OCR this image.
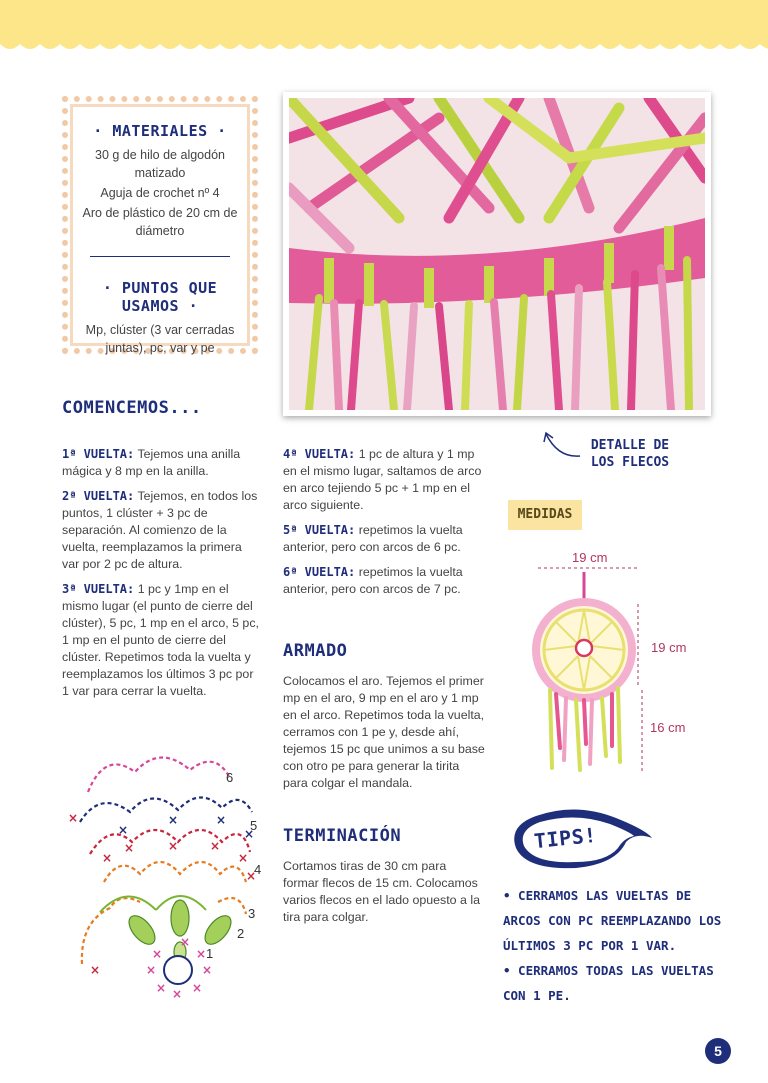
· MATERIALES ·
30 g de hilo de algodón matizado
Aguja de crochet nº 4
Aro de plástico de 20 cm de diámetro
· PUNTOS QUE USAMOS ·
Mp, clúster (3 var cerradas juntas), pc, var y pe
DETALLE DE
LOS FLECOS
COMENCEMOS...

1ª VUELTA: Tejemos una anilla mágica y 8 mp en la anilla.

2ª VUELTA: Tejemos, en todos los puntos, 1 clúster + 3 pc de separación. Al comienzo de la vuelta, reemplazamos la primera var por 2 pc de altura.

3ª VUELTA: 1 pc y 1mp en el mismo lugar (el punto de cierre del clúster), 5 pc, 1 mp en el arco, 5 pc, 1 mp en el punto de cierre del clúster. Repetimos toda la vuelta y reemplazamos los últimos 3 pc por 1 var para cerrar la vuelta.

4ª VUELTA: 1 pc de altura y 1 mp en el mismo lugar, saltamos de arco en arco tejiendo 5 pc + 1 mp en el arco siguiente.

5ª VUELTA: repetimos la vuelta anterior, pero con arcos de 6 pc.

6ª VUELTA: repetimos la vuelta anterior, pero con arcos de 7 pc.

ARMADO
Colocamos el aro. Tejemos el primer mp en el aro, 9 mp en el aro y 1 mp en el arco. Repetimos toda la vuelta, cerramos con 1 pe y, desde ahí, tejemos 15 pc que unimos a su base con otro pe para generar la tirita para colgar el mandala.
TERMINACIÓN
Cortamos tiras de 30 cm para formar flecos de 15 cm. Colocamos varios flecos en el lado opuesto a la tira para colgar.
×	×
×	×
× × ×
×
×
×
×	×	×
×
×
×
×
×	×
×
6
5
4
3
2
1
MEDIDAS
19 cm
19 cm
16 cm
TIPS!
• CERRAMOS LAS VUELTAS DE ARCOS CON PC REEMPLAZANDO LOS ÚLTIMOS 3 PC POR 1 VAR.
• CERRAMOS TODAS LAS VUELTAS CON 1 PE.
5
